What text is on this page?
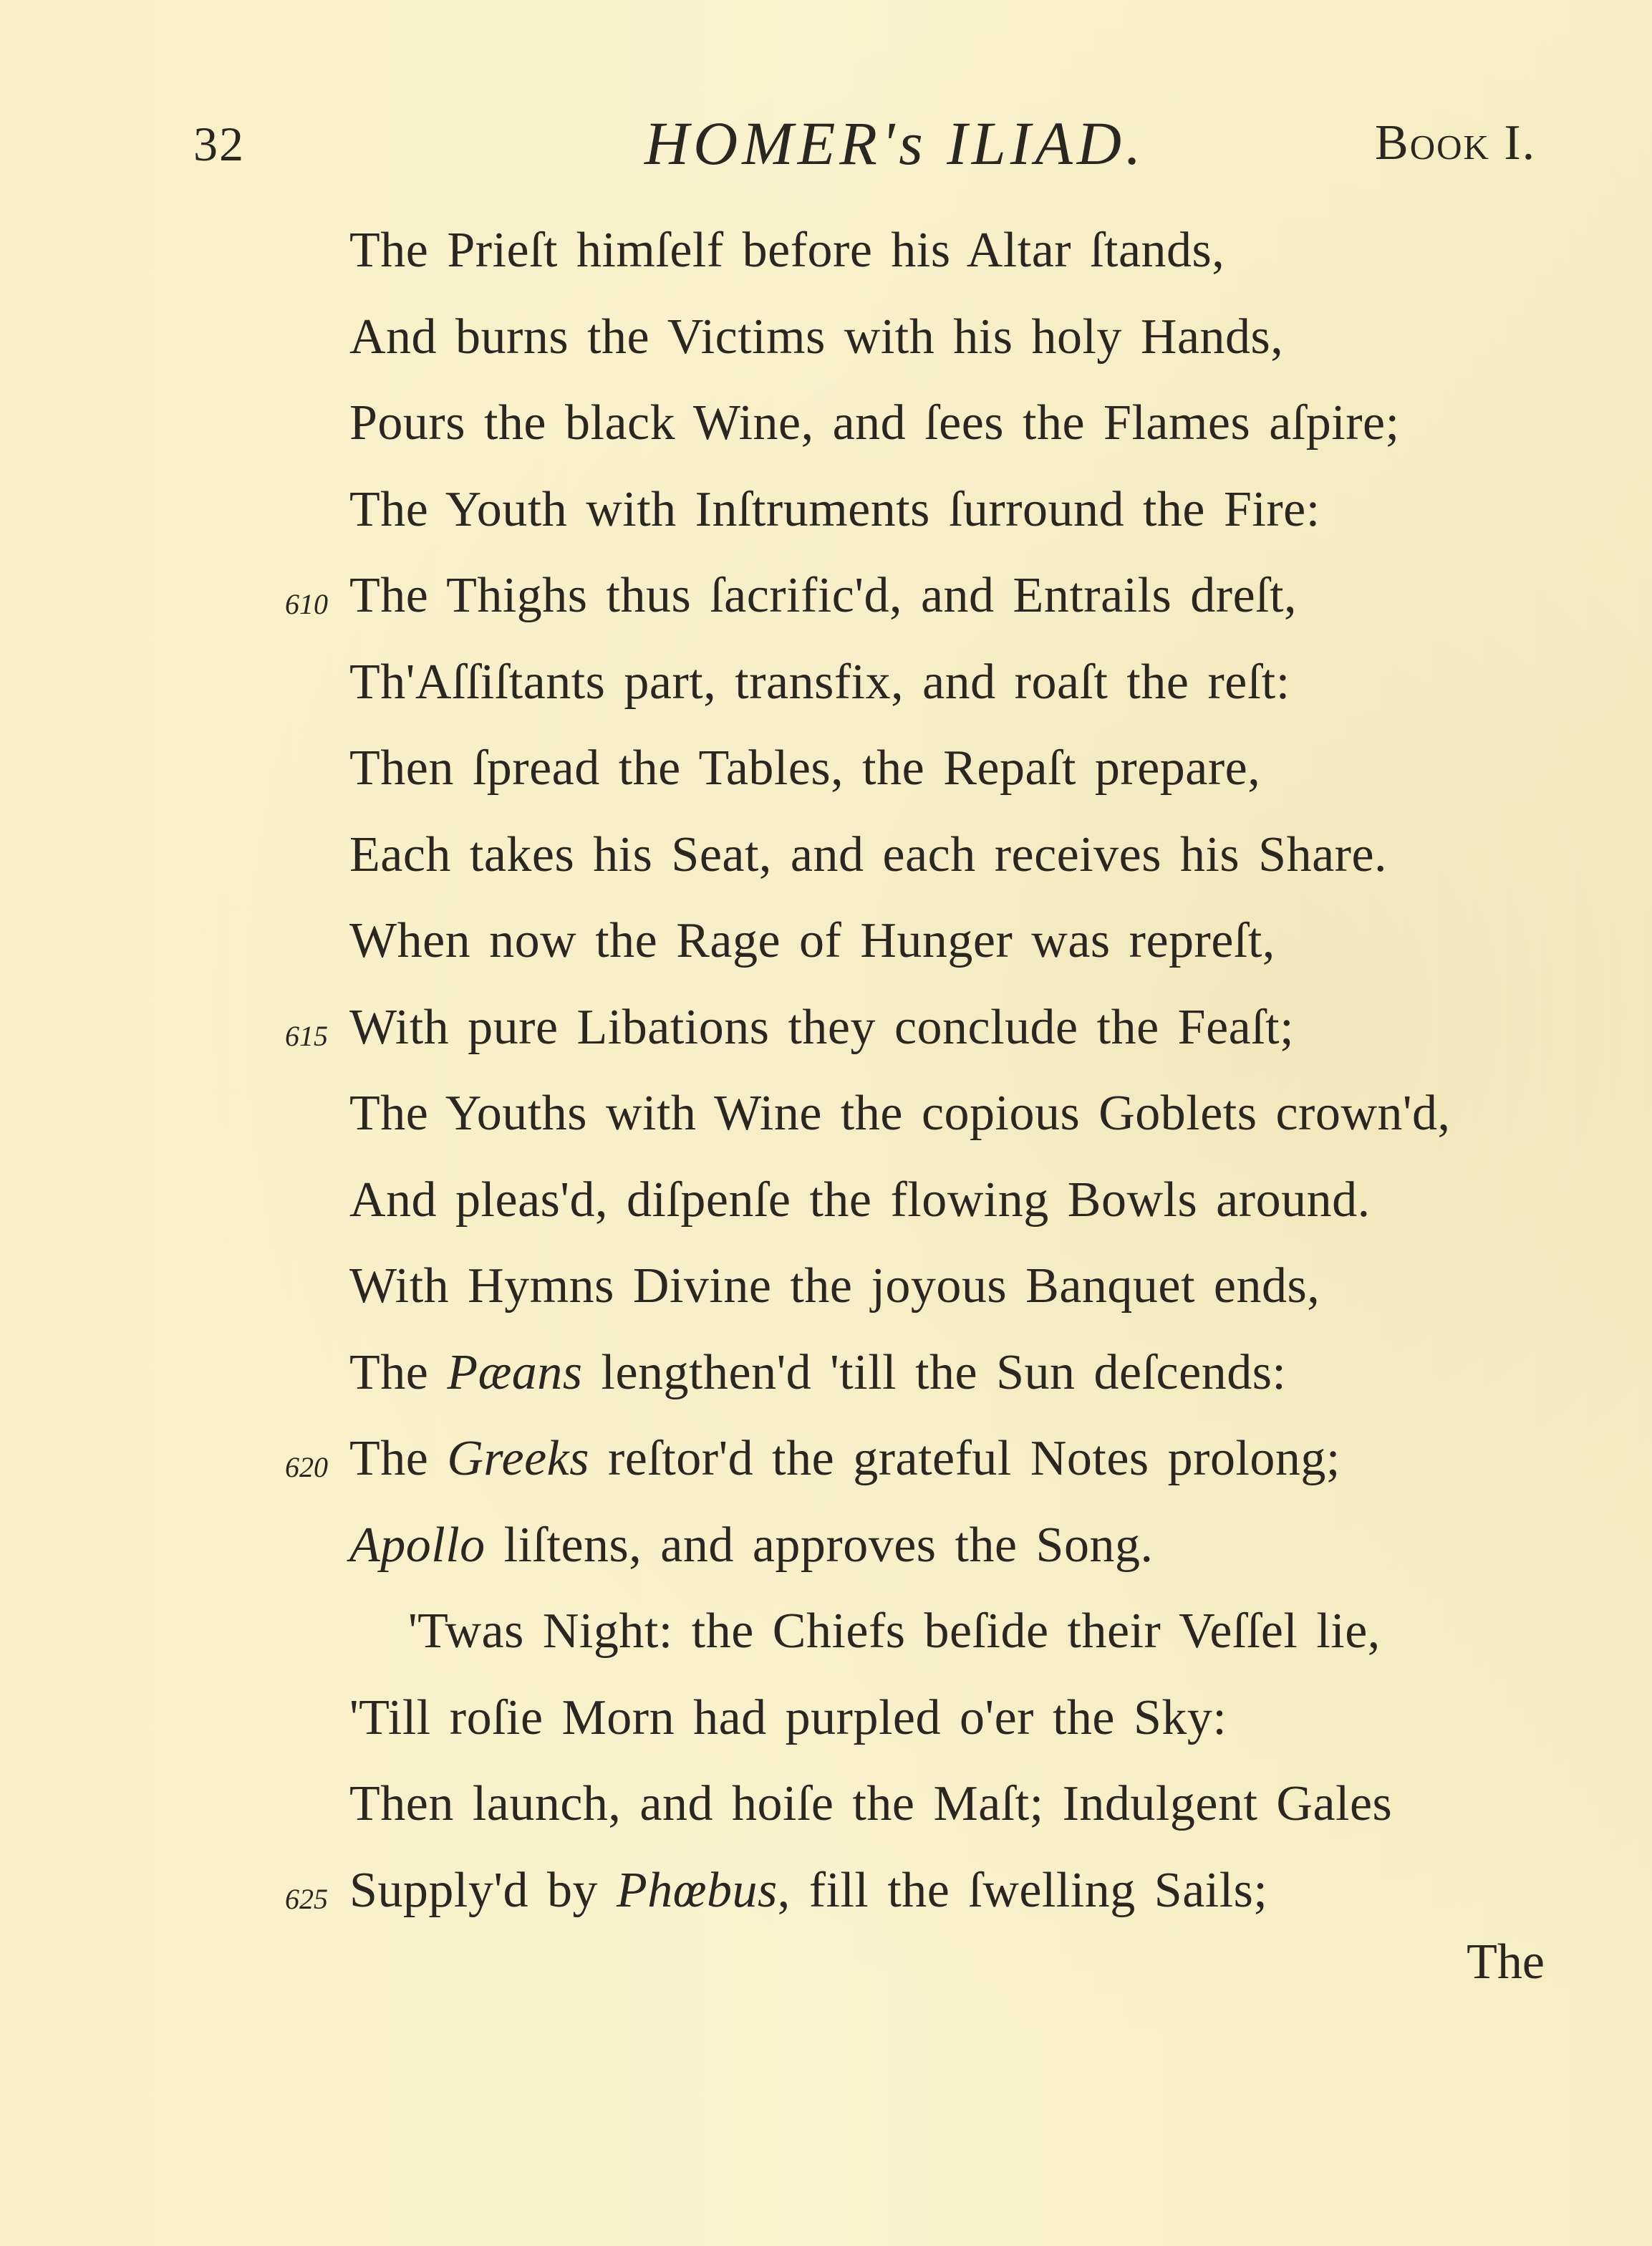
32	HOMER's ILIAD.	Book I.
The Prieſt himſelf before his Altar ſtands,
And burns the Victims with his holy Hands,
Pours the black Wine, and ſees the Flames aſpire;
The Youth with Inſtruments ſurround the Fire:
610 The Thighs thus ſacrific'd, and Entrails dreſt,
Th'Aſſiſtants part, transfix, and roaſt the reſt:
Then ſpread the Tables, the Repaſt prepare,
Each takes his Seat, and each receives his Share.
When now the Rage of Hunger was repreſt,
615 With pure Libations they conclude the Feaſt;
The Youths with Wine the copious Goblets crown'd,
And pleas'd, diſpenſe the flowing Bowls around.
With Hymns Divine the joyous Banquet ends,
The Pæans lengthen'd 'till the Sun deſcends:
620 The Greeks reſtor'd the grateful Notes prolong;
Apollo liſtens, and approves the Song.
'Twas Night: the Chiefs beſide their Veſſel lie,
'Till roſie Morn had purpled o'er the Sky:
Then launch, and hoiſe the Maſt; Indulgent Gales
625 Supply'd by Phœbus, fill the ſwelling Sails;
The
